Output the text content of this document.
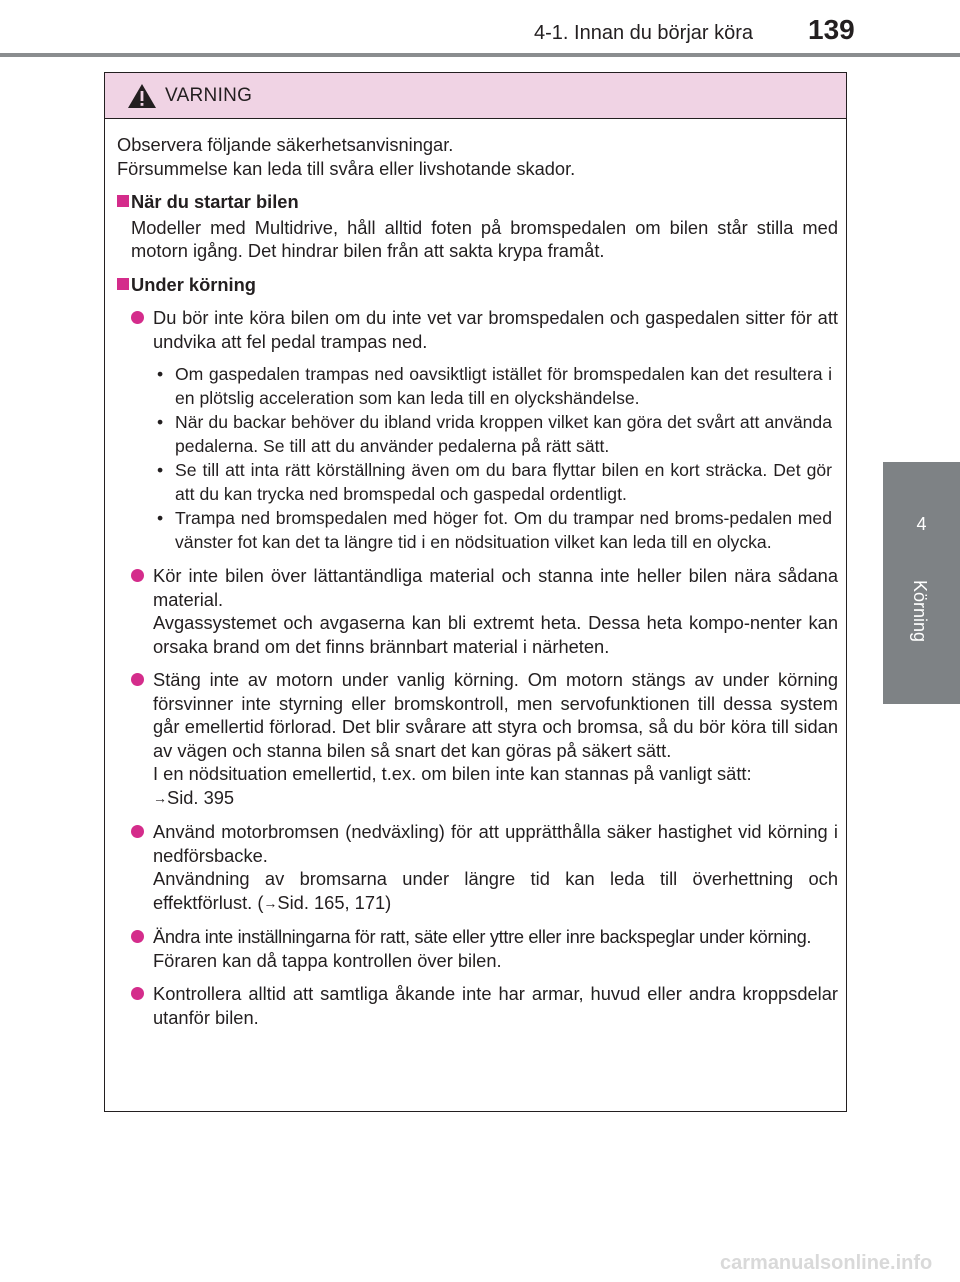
4-1. Innan du börjar köra 139
4
Körning
VARNING
Observera följande säkerhetsanvisningar.
Försummelse kan leda till svåra eller livshotande skador.
När du startar bilen
Modeller med Multidrive, håll alltid foten på bromspedalen om bilen står stilla med motorn igång. Det hindrar bilen från att sakta krypa framåt.
Under körning
Du bör inte köra bilen om du inte vet var bromspedalen och gaspedalen sitter för att undvika att fel pedal trampas ned.
• Om gaspedalen trampas ned oavsiktligt istället för bromspedalen kan det resultera i en plötslig acceleration som kan leda till en olyckshändelse.
• När du backar behöver du ibland vrida kroppen vilket kan göra det svårt att använda pedalerna. Se till att du använder pedalerna på rätt sätt.
• Se till att inta rätt körställning även om du bara flyttar bilen en kort sträcka. Det gör att du kan trycka ned bromspedal och gaspedal ordentligt.
• Trampa ned bromspedalen med höger fot. Om du trampar ned broms-pedalen med vänster fot kan det ta längre tid i en nödsituation vilket kan leda till en olycka.
Kör inte bilen över lättantändliga material och stanna inte heller bilen nära sådana material.
Avgassystemet och avgaserna kan bli extremt heta. Dessa heta kompo-nenter kan orsaka brand om det finns brännbart material i närheten.
Stäng inte av motorn under vanlig körning. Om motorn stängs av under körning försvinner inte styrning eller bromskontroll, men servofunktionen till dessa system går emellertid förlorad. Det blir svårare att styra och bromsa, så du bör köra till sidan av vägen och stanna bilen så snart det kan göras på säkert sätt.
I en nödsituation emellertid, t.ex. om bilen inte kan stannas på vanligt sätt:
→Sid. 395
Använd motorbromsen (nedväxling) för att upprätthålla säker hastighet vid körning i nedförsbacke.
Användning av bromsarna under längre tid kan leda till överhettning och effektförlust. (→Sid. 165, 171)
Ändra inte inställningarna för ratt, säte eller yttre eller inre backspeglar under körning.
Föraren kan då tappa kontrollen över bilen.
Kontrollera alltid att samtliga åkande inte har armar, huvud eller andra kroppsdelar utanför bilen.
carmanualsonline.info
